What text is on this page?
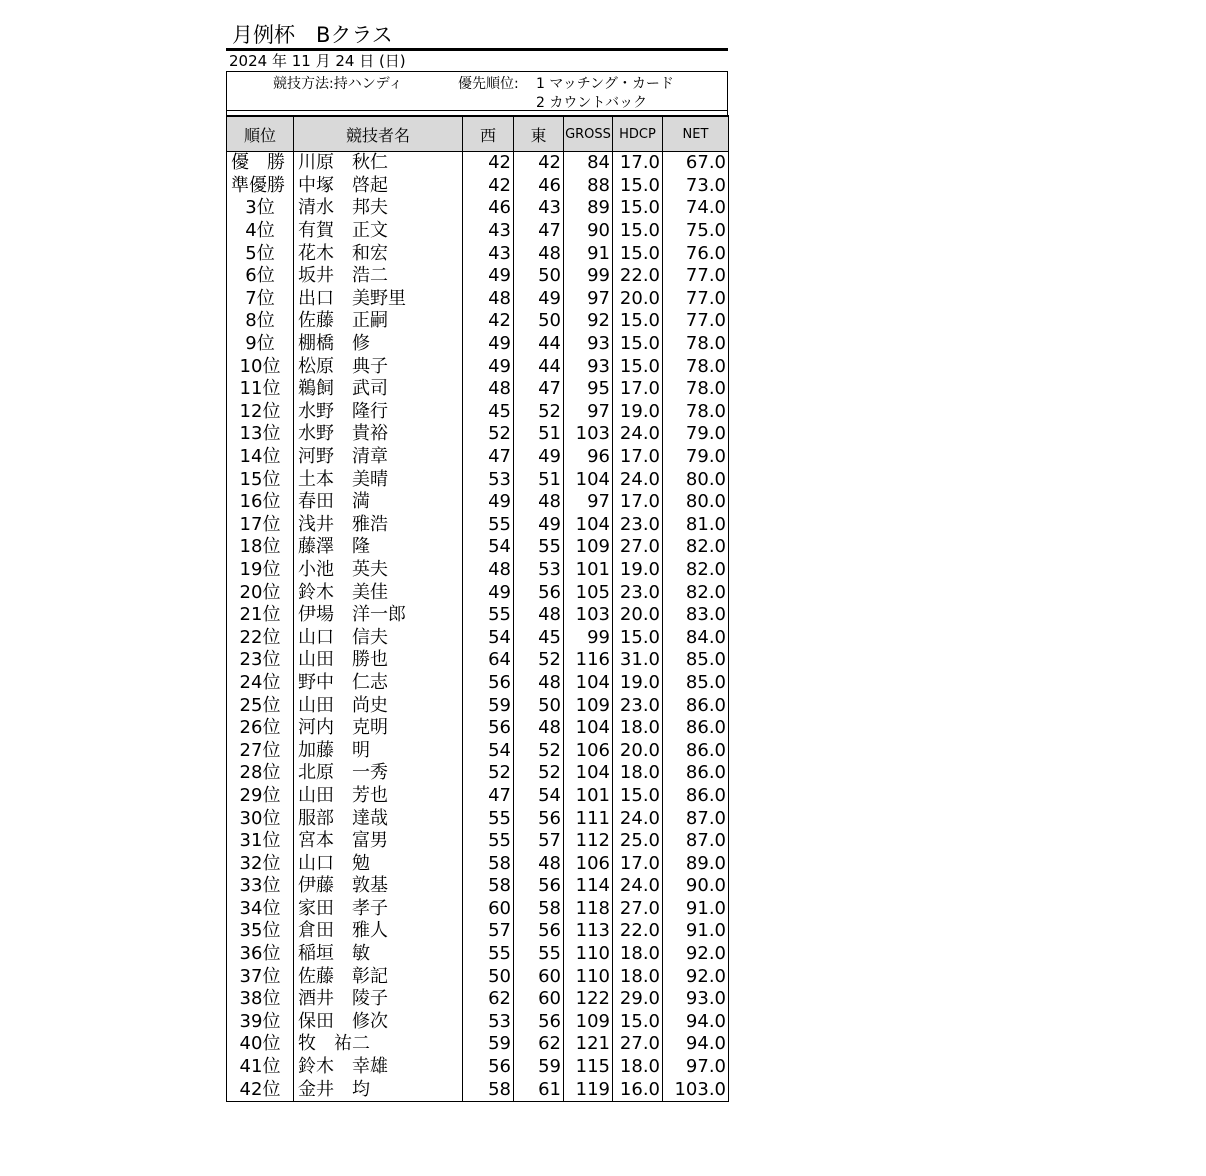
月例杯　Bクラス
2024 年 11 月 24 日 (日)
競技方法:持ハンディ	優先順位: 1 マッチング・カード
2 カウントバック
順位	競技者名	西	東	GROSS	HDCP	NET
優　勝	川原　秋仁	42	42	84	17.0	67.0
準優勝	中塚　啓起	42	46	88	15.0	73.0
3位	清水　邦夫	46	43	89	15.0	74.0
4位	有賀　正文	43	47	90	15.0	75.0
5位	花木　和宏	43	48	91	15.0	76.0
6位	坂井　浩二	49	50	99	22.0	77.0
7位	出口　美野里	48	49	97	20.0	77.0
8位	佐藤　正嗣	42	50	92	15.0	77.0
9位	棚橋　修	49	44	93	15.0	78.0
10位	松原　典子	49	44	93	15.0	78.0
11位	鵜飼　武司	48	47	95	17.0	78.0
12位	水野　隆行	45	52	97	19.0	78.0
13位	水野　貴裕	52	51	103	24.0	79.0
14位	河野　清章	47	49	96	17.0	79.0
15位	土本　美晴	53	51	104	24.0	80.0
16位	春田　満	49	48	97	17.0	80.0
17位	浅井　雅浩	55	49	104	23.0	81.0
18位	藤澤　隆	54	55	109	27.0	82.0
19位	小池　英夫	48	53	101	19.0	82.0
20位	鈴木　美佳	49	56	105	23.0	82.0
21位	伊場　洋一郎	55	48	103	20.0	83.0
22位	山口　信夫	54	45	99	15.0	84.0
23位	山田　勝也	64	52	116	31.0	85.0
24位	野中　仁志	56	48	104	19.0	85.0
25位	山田　尚史	59	50	109	23.0	86.0
26位	河内　克明	56	48	104	18.0	86.0
27位	加藤　明	54	52	106	20.0	86.0
28位	北原　一秀	52	52	104	18.0	86.0
29位	山田　芳也	47	54	101	15.0	86.0
30位	服部　達哉	55	56	111	24.0	87.0
31位	宮本　富男	55	57	112	25.0	87.0
32位	山口　勉	58	48	106	17.0	89.0
33位	伊藤　敦基	58	56	114	24.0	90.0
34位	家田　孝子	60	58	118	27.0	91.0
35位	倉田　雅人	57	56	113	22.0	91.0
36位	稲垣　敏	55	55	110	18.0	92.0
37位	佐藤　彰記	50	60	110	18.0	92.0
38位	酒井　陵子	62	60	122	29.0	93.0
39位	保田　修次	53	56	109	15.0	94.0
40位	牧　祐二	59	62	121	27.0	94.0
41位	鈴木　幸雄	56	59	115	18.0	97.0
42位	金井　均	58	61	119	16.0	103.0
